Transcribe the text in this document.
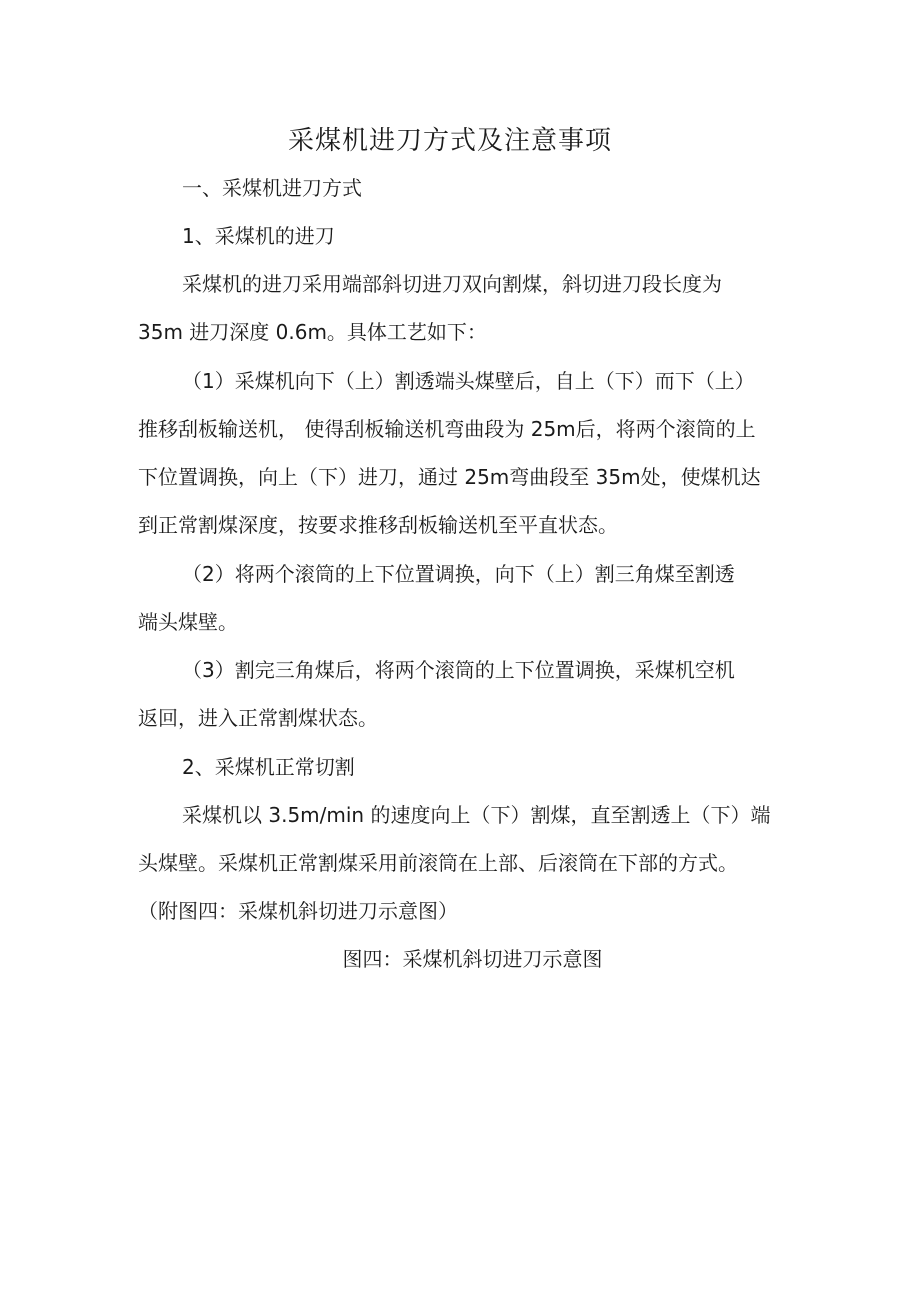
采煤机进刀方式及注意事项
一、采煤机进刀方式
1、采煤机的进刀
采煤机的进刀采用端部斜切进刀双向割煤，斜切进刀段长度为
35m 进刀深度 0.6m。具体工艺如下：
（1）采煤机向下（上）割透端头煤壁后，自上（下）而下（上）
推移刮板输送机， 使得刮板输送机弯曲段为 25m后，将两个滚筒的上
下位置调换，向上（下）进刀，通过 25m弯曲段至 35m处，使煤机达
到正常割煤深度，按要求推移刮板输送机至平直状态。
（2）将两个滚筒的上下位置调换，向下（上）割三角煤至割透
端头煤壁。
（3）割完三角煤后，将两个滚筒的上下位置调换，采煤机空机
返回，进入正常割煤状态。
2、采煤机正常切割
采煤机以 3.5m/min 的速度向上（下）割煤，直至割透上（下）端
头煤壁。采煤机正常割煤采用前滚筒在上部、后滚筒在下部的方式。
（附图四：采煤机斜切进刀示意图）
图四：采煤机斜切进刀示意图
